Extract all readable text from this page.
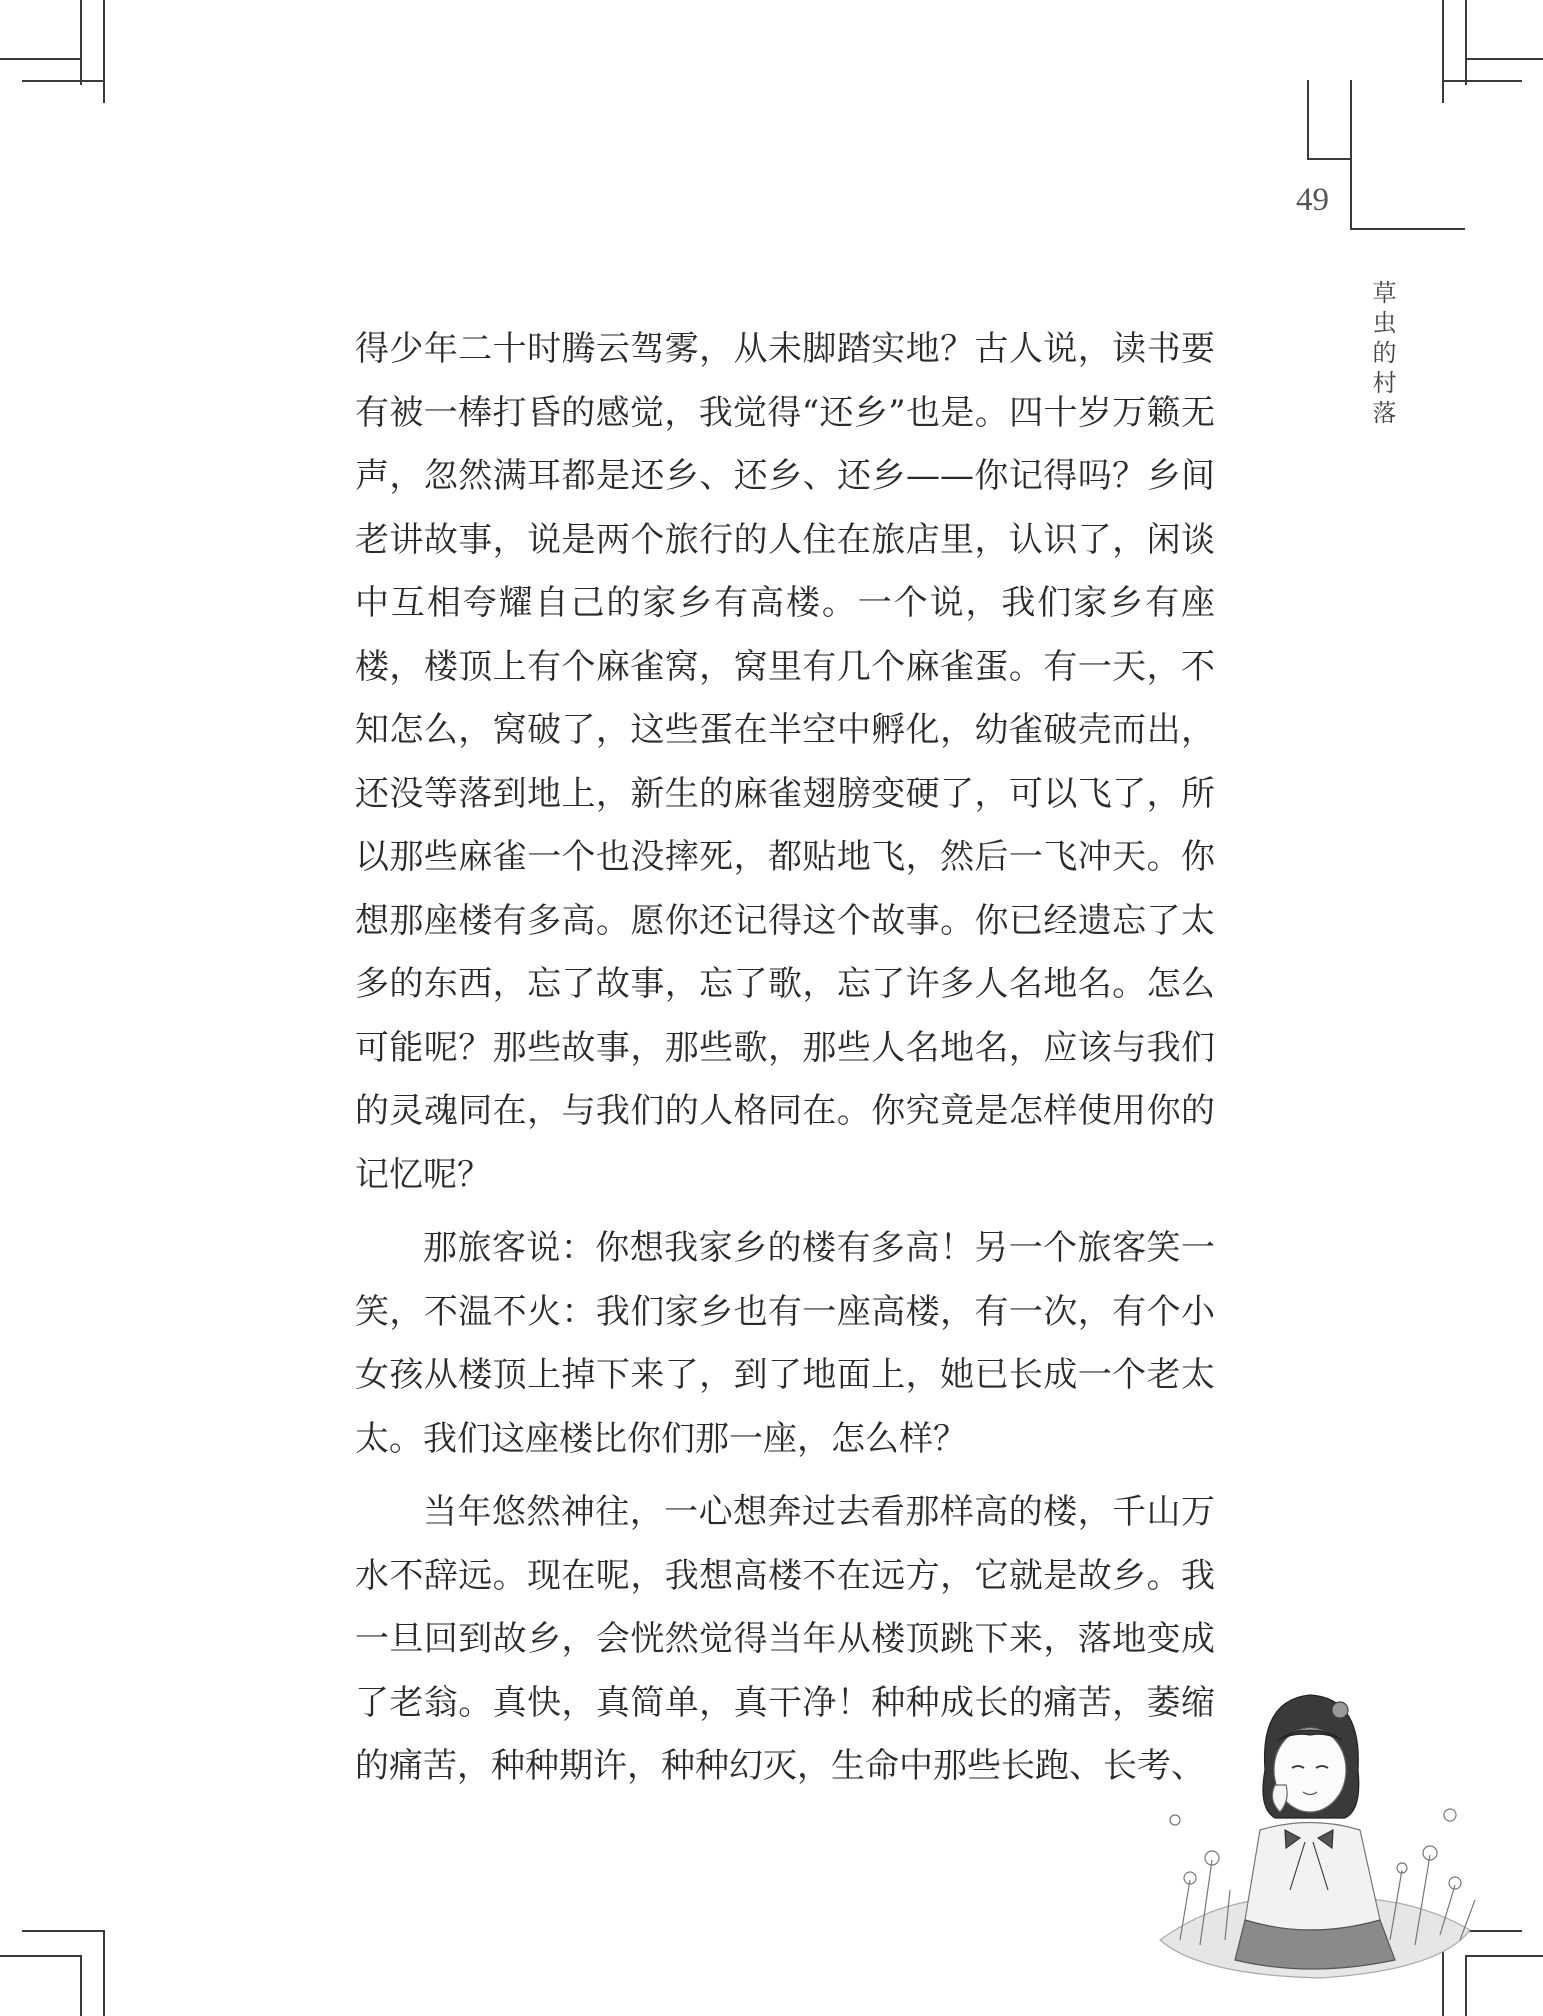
49
草虫的村落

得少年二十时腾云驾雾，从未脚踏实地？古人说，读书要有被一棒打昏的感觉，我觉得“还乡”也是。四十岁万籁无声，忽然满耳都是还乡、还乡、还乡——你记得吗？乡间老讲故事，说是两个旅行的人住在旅店里，认识了，闲谈中互相夸耀自己的家乡有高楼。一个说，我们家乡有座楼，楼顶上有个麻雀窝，窝里有几个麻雀蛋。有一天，不知怎么，窝破了，这些蛋在半空中孵化，幼雀破壳而出，还没等落到地上，新生的麻雀翅膀变硬了，可以飞了，所以那些麻雀一个也没摔死，都贴地飞，然后一飞冲天。你想那座楼有多高。愿你还记得这个故事。你已经遗忘了太多的东西，忘了故事，忘了歌，忘了许多人名地名。怎么可能呢？那些故事，那些歌，那些人名地名，应该与我们的灵魂同在，与我们的人格同在。你究竟是怎样使用你的记忆呢？

那旅客说：你想我家乡的楼有多高！另一个旅客笑一笑，不温不火：我们家乡也有一座高楼，有一次，有个小女孩从楼顶上掉下来了，到了地面上，她已长成一个老太太。我们这座楼比你们那一座，怎么样？

当年悠然神往，一心想奔过去看那样高的楼，千山万水不辞远。现在呢，我想高楼不在远方，它就是故乡。我一旦回到故乡，会恍然觉得当年从楼顶跳下来，落地变成了老翁。真快，真简单，真干净！种种成长的痛苦，萎缩的痛苦，种种期许，种种幻灭，生命中那些长跑、长考、
